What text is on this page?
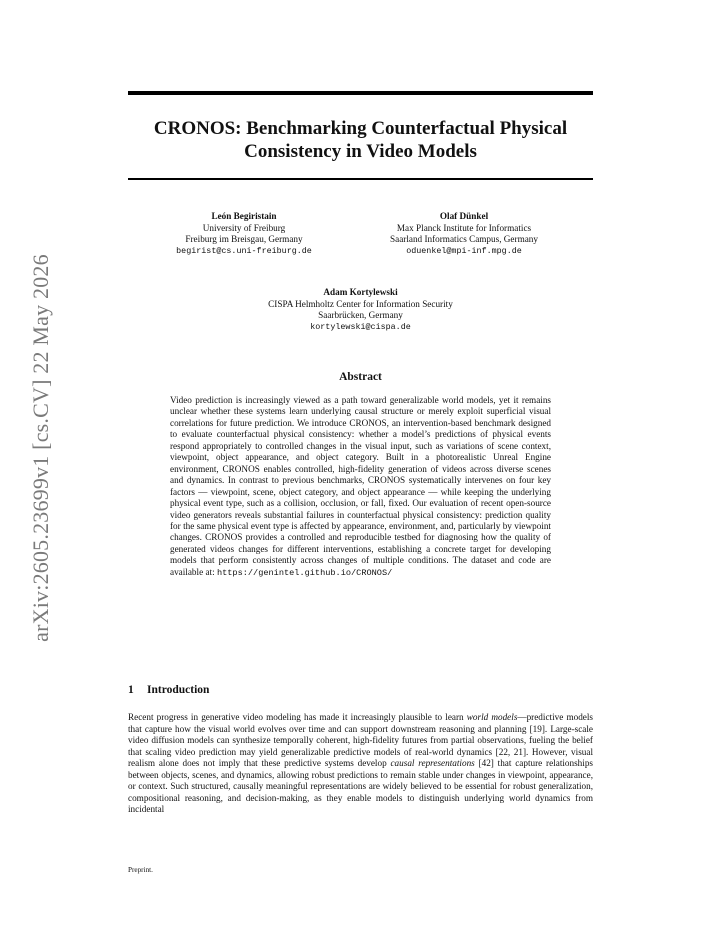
arXiv:2605.23699v1 [cs.CV] 22 May 2026
CRONOS: Benchmarking Counterfactual Physical Consistency in Video Models
León Begiristain
University of Freiburg
Freiburg im Breisgau, Germany
begirist@cs.uni-freiburg.de
Olaf Dünkel
Max Planck Institute for Informatics
Saarland Informatics Campus, Germany
oduenkel@mpi-inf.mpg.de
Adam Kortylewski
CISPA Helmholtz Center for Information Security
Saarbrücken, Germany
kortylewski@cispa.de
Abstract

Video prediction is increasingly viewed as a path toward generalizable world models, yet it remains unclear whether these systems learn underlying causal structure or merely exploit superficial visual correlations for future prediction. We introduce CRONOS, an intervention-based benchmark designed to evaluate counterfactual physical consistency: whether a model’s predictions of physical events respond appropriately to controlled changes in the visual input, such as variations of scene context, viewpoint, object appearance, and object category. Built in a photorealistic Unreal Engine environment, CRONOS enables controlled, high-fidelity generation of videos across diverse scenes and dynamics. In contrast to previous benchmarks, CRONOS systematically intervenes on four key factors — viewpoint, scene, object category, and object appearance — while keeping the underlying physical event type, such as a collision, occlusion, or fall, fixed. Our evaluation of recent open-source video generators reveals substantial failures in counterfactual physical consistency: prediction quality for the same physical event type is affected by appearance, environment, and, particularly by viewpoint changes. CRONOS provides a controlled and reproducible testbed for diagnosing how the quality of generated videos changes for different interventions, establishing a concrete target for developing models that perform consistently across changes of multiple conditions. The dataset and code are available at: https://genintel.github.io/CRONOS/

1 Introduction

Recent progress in generative video modeling has made it increasingly plausible to learn world models—predictive models that capture how the visual world evolves over time and can support downstream reasoning and planning [19]. Large-scale video diffusion models can synthesize temporally coherent, high-fidelity futures from partial observations, fueling the belief that scaling video prediction may yield generalizable predictive models of real-world dynamics [22, 21]. However, visual realism alone does not imply that these predictive systems develop causal representations [42] that capture relationships between objects, scenes, and dynamics, allowing robust predictions to remain stable under changes in viewpoint, appearance, or context. Such structured, causally meaningful representations are widely believed to be essential for robust generalization, compositional reasoning, and decision-making, as they enable models to distinguish underlying world dynamics from incidental

Preprint.
